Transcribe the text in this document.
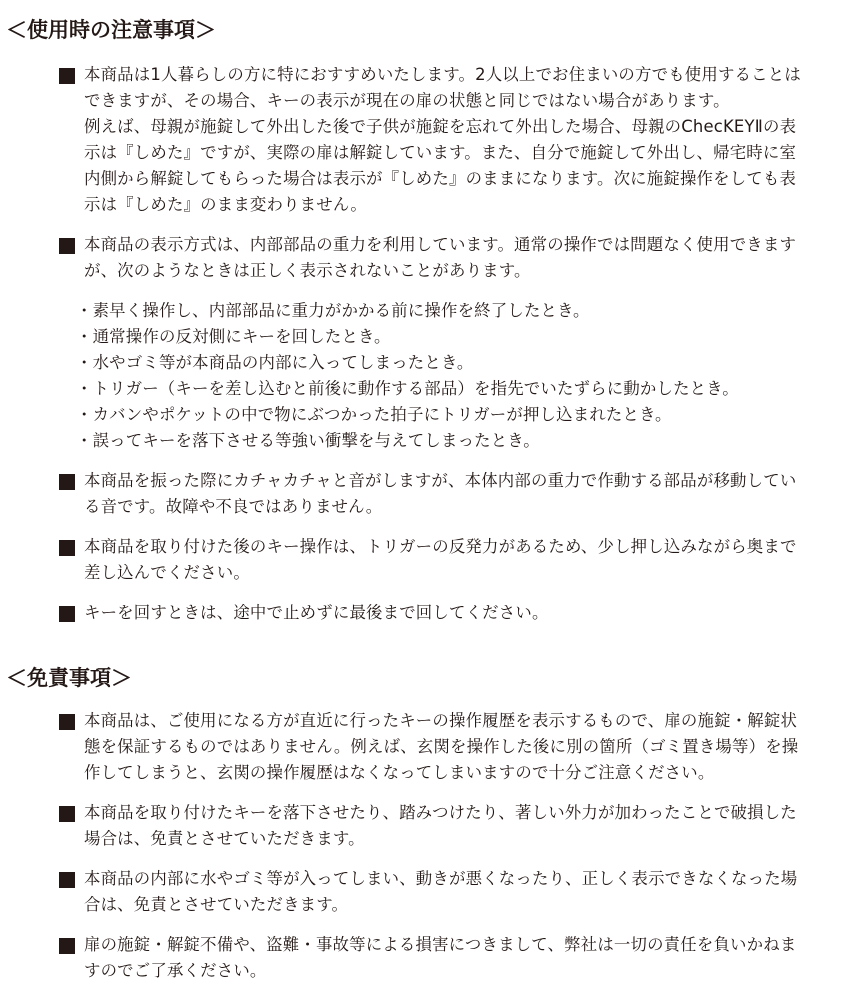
＜使用時の注意事項＞

本商品は1人暮らしの方に特におすすめいたします。2人以上でお住まいの方でも使用することはできますが、その場合、キーの表示が現在の扉の状態と同じではない場合があります。

例えば、母親が施錠して外出した後で子供が施錠を忘れて外出した場合、母親のChecKEYⅡの表示は『しめた』ですが、実際の扉は解錠しています。また、自分で施錠して外出し、帰宅時に室内側から解錠してもらった場合は表示が『しめた』のままになります。次に施錠操作をしても表示は『しめた』のまま変わりません。

本商品の表示方式は、内部部品の重力を利用しています。通常の操作では問題なく使用できますが、次のようなときは正しく表示されないことがあります。

・素早く操作し、内部部品に重力がかかる前に操作を終了したとき。
・通常操作の反対側にキーを回したとき。
・水やゴミ等が本商品の内部に入ってしまったとき。
・トリガー（キーを差し込むと前後に動作する部品）を指先でいたずらに動かしたとき。
・カバンやポケットの中で物にぶつかった拍子にトリガーが押し込まれたとき。
・誤ってキーを落下させる等強い衝撃を与えてしまったとき。

本商品を振った際にカチャカチャと音がしますが、本体内部の重力で作動する部品が移動している音です。故障や不良ではありません。

本商品を取り付けた後のキー操作は、トリガーの反発力があるため、少し押し込みながら奥まで差し込んでください。

キーを回すときは、途中で止めずに最後まで回してください。

＜免責事項＞

本商品は、ご使用になる方が直近に行ったキーの操作履歴を表示するもので、扉の施錠・解錠状態を保証するものではありません。例えば、玄関を操作した後に別の箇所（ゴミ置き場等）を操作してしまうと、玄関の操作履歴はなくなってしまいますので十分ご注意ください。

本商品を取り付けたキーを落下させたり、踏みつけたり、著しい外力が加わったことで破損した場合は、免責とさせていただきます。

本商品の内部に水やゴミ等が入ってしまい、動きが悪くなったり、正しく表示できなくなった場合は、免責とさせていただきます。

扉の施錠・解錠不備や、盗難・事故等による損害につきまして、弊社は一切の責任を負いかねますのでご了承ください。
